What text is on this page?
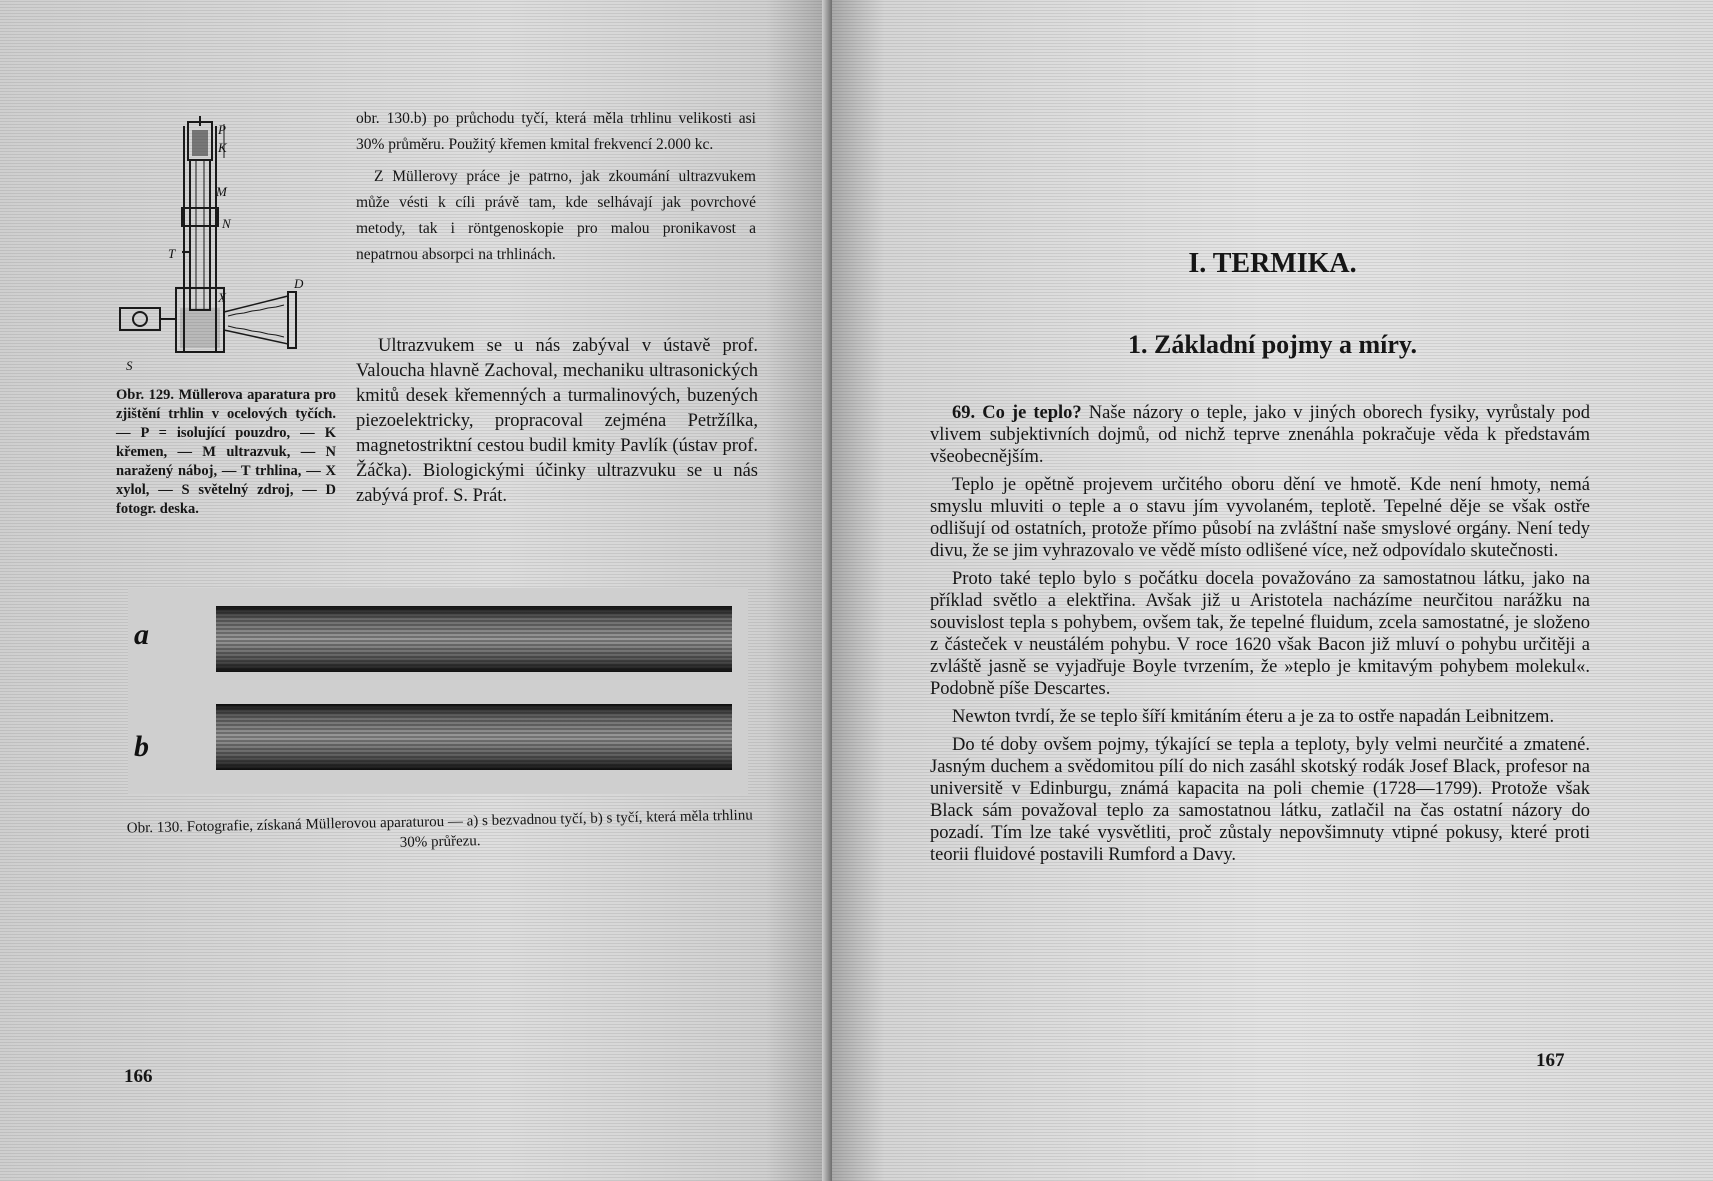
P
K
M
N
T
X
D
S
Obr. 129. Müllerova aparatura pro zjištění trhlin v ocelových tyčích. — P = isolující pouzdro, — K křemen, — M ultrazvuk, — N naražený náboj, — T trhlina, — X xylol, — S světelný zdroj, — D fotogr. deska.

obr. 130.b) po průchodu tyčí, která měla trhlinu velikosti asi 30% průměru. Použitý křemen kmital frekvencí 2.000 kc.

Z Müllerovy práce je patrno, jak zkoumání ultrazvukem může vésti k cíli právě tam, kde selhávají jak povrchové metody, tak i röntgenoskopie pro malou pronikavost a nepatrnou absorpci na trhlinách.

Ultrazvukem se u nás zabýval v ústavě prof. Valoucha hlavně Zachoval, mechaniku ultrasonických kmitů desek křemenných a turmalinových, buzených piezoelektricky, propracoval zejména Petržílka, magnetostriktní cestou budil kmity Pavlík (ústav prof. Žáčka). Biologickými účinky ultrazvuku se u nás zabývá prof. S. Prát.

a
b
Obr. 130. Fotografie, získaná Müllerovou aparaturou — a) s bezvadnou tyčí, b) s tyčí, která měla trhlinu 30% průřezu.
166
I. TERMIKA.
1. Základní pojmy a míry.

69. Co je teplo? Naše názory o teple, jako v jiných oborech fysiky, vyrůstaly pod vlivem subjektivních dojmů, od nichž teprve znenáhla pokračuje věda k představám všeobecnějším.

Teplo je opětně projevem určitého oboru dění ve hmotě. Kde není hmoty, nemá smyslu mluviti o teple a o stavu jím vyvolaném, teplotě. Tepelné děje se však ostře odlišují od ostatních, protože přímo působí na zvláštní naše smyslové orgány. Není tedy divu, že se jim vyhrazovalo ve vědě místo odlišené více, než odpovídalo skutečnosti.

Proto také teplo bylo s počátku docela považováno za samostatnou látku, jako na příklad světlo a elektřina. Avšak již u Aristotela nacházíme neurčitou narážku na souvislost tepla s pohybem, ovšem tak, že tepelné fluidum, zcela samostatné, je složeno z částeček v neustálém pohybu. V roce 1620 však Bacon již mluví o pohybu určitěji a zvláště jasně se vyjadřuje Boyle tvrzením, že »teplo je kmitavým pohybem molekul«. Podobně píše Descartes.

Newton tvrdí, že se teplo šíří kmitáním éteru a je za to ostře napadán Leibnitzem.

Do té doby ovšem pojmy, týkající se tepla a teploty, byly velmi neurčité a zmatené. Jasným duchem a svědomitou pílí do nich zasáhl skotský rodák Josef Black, profesor na universitě v Edinburgu, známá kapacita na poli chemie (1728—1799). Protože však Black sám považoval teplo za samostatnou látku, zatlačil na čas ostatní názory do pozadí. Tím lze také vysvětliti, proč zůstaly nepovšimnuty vtipné pokusy, které proti teorii fluidové postavili Rumford a Davy.

167
